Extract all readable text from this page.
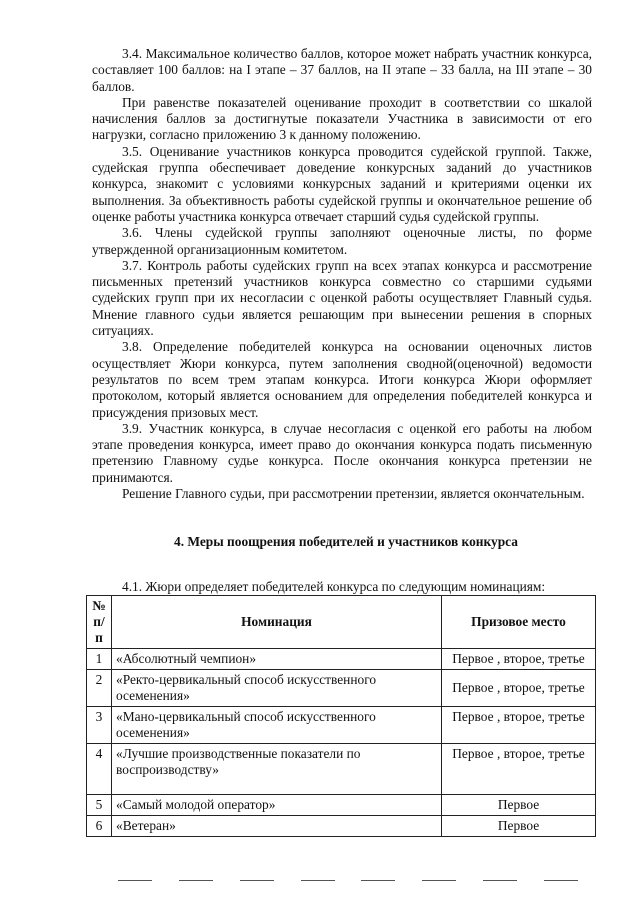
3.4. Максимальное количество баллов, которое может набрать участник конкурса, составляет 100 баллов: на I этапе – 37 баллов, на II этапе – 33 балла, на III этапе – 30 баллов.

При равенстве показателей оценивание проходит в соответствии со шкалой начисления баллов за достигнутые показатели Участника в зависимости от его нагрузки, согласно приложению 3 к данному положению.

3.5. Оценивание участников конкурса проводится судейской группой. Также, судейская группа обеспечивает доведение конкурсных заданий до участников конкурса, знакомит с условиями конкурсных заданий и критериями оценки их выполнения. За объективность работы судейской группы и окончательное решение об оценке работы участника конкурса отвечает старший судья судейской группы.

3.6. Члены судейской группы заполняют оценочные листы, по форме утвержденной организационным комитетом.

3.7. Контроль работы судейских групп на всех этапах конкурса и рассмотрение письменных претензий участников конкурса совместно со старшими судьями судейских групп при их несогласии с оценкой работы осуществляет Главный судья. Мнение главного судьи является решающим при вынесении решения в спорных ситуациях.

3.8. Определение победителей конкурса на основании оценочных листов осуществляет Жюри конкурса, путем заполнения сводной(оценочной) ведомости результатов по всем трем этапам конкурса. Итоги конкурса Жюри оформляет протоколом, который является основанием для определения победителей конкурса и присуждения призовых мест.

3.9. Участник конкурса, в случае несогласия с оценкой его работы на любом этапе проведения конкурса, имеет право до окончания конкурса подать письменную претензию Главному судье конкурса. После окончания конкурса претензии не принимаются.

Решение Главного судьи, при рассмотрении претензии, является окончательным.

4. Меры поощрения победителей и участников конкурса

4.1. Жюри определяет победителей конкурса по следующим номинациям:

№ п/п	Номинация	Призовое место
1	«Абсолютный чемпион»	Первое , второе, третье
2	«Ректо-цервикальный способ искусственного осеменения»	Первое , второе, третье
3	«Мано-цервикальный способ искусственного осеменения»	Первое , второе, третье
4	«Лучшие производственные показатели по воспроизводству»	Первое , второе, третье
5	«Самый молодой оператор»	Первое
6	«Ветеран»	Первое
